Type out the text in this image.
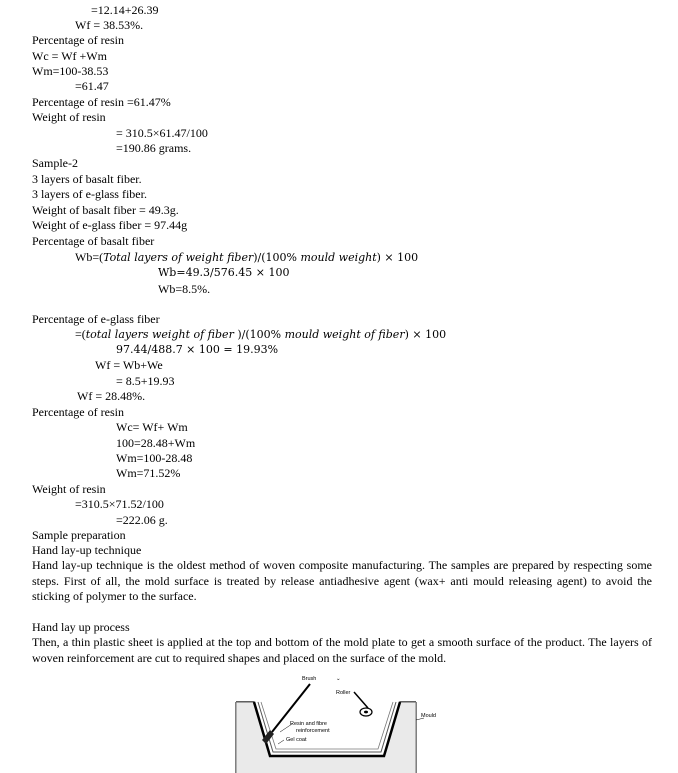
=12.14+26.39
Wf = 38.53%.
Percentage of resin
Wc = Wf +Wm
Wm=100-38.53
=61.47
Percentage of resin =61.47%
Weight of resin
= 310.5×61.47/100
=190.86 grams.
Sample-2
3 layers of basalt fiber.
3 layers of e-glass fiber.
Weight of basalt fiber = 49.3g.
Weight of e-glass fiber = 97.44g
Percentage of basalt fiber
Wb=(Total layers of weight fiber)/(100% mould weight) × 100
Wb=49.3/576.45 × 100
Wb=8.5%.
Percentage of e-glass fiber
=(total layers weight of fiber )/(100% mould weight of fiber) × 100
97.44/488.7 × 100 = 19.93%
Wf = Wb+We
= 8.5+19.93
Wf = 28.48%.
Percentage of resin
Wc= Wf+ Wm
100=28.48+Wm
Wm=100-28.48
Wm=71.52%
Weight of resin
=310.5×71.52/100
=222.06 g.
Sample preparation
Hand lay-up technique
Hand lay-up technique is the oldest method of woven composite manufacturing. The samples are prepared by respecting some steps. First of all, the mold surface is treated by release antiadhesive agent (wax+ anti mould releasing agent) to avoid the sticking of polymer to the surface.
Hand lay up process
Then, a thin plastic sheet is applied at the top and bottom of the mold plate to get a smooth surface of the product. The layers of woven reinforcement are cut to required shapes and placed on the surface of the mold.
Brush	⌄
Roller
Resin and fibre
reinforcement
Gel coat
Mould
